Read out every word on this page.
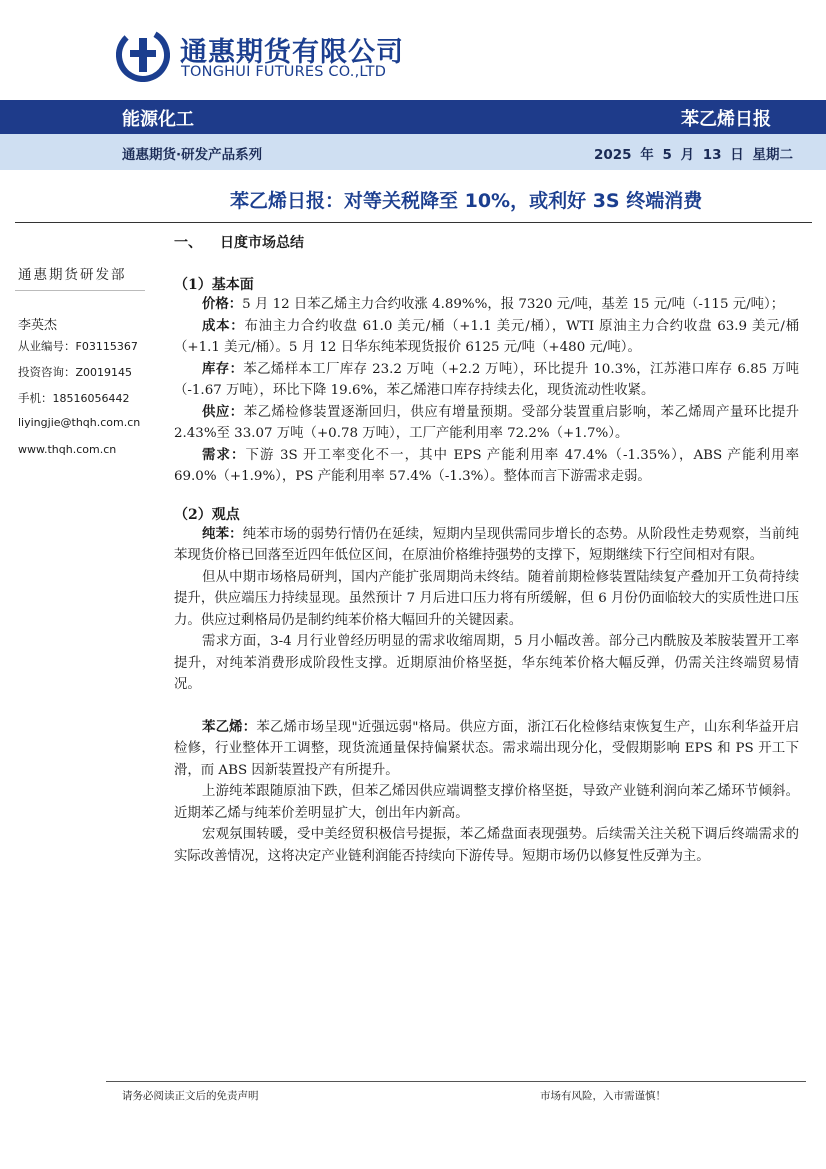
通惠期货有限公司
TONGHUI FUTURES CO.,LTD
能源化工	苯乙烯日报
通惠期货·研发产品系列	2025 年 5 月 13 日 星期二
苯乙烯日报：对等关税降至 10%，或利好 3S 终端消费
通惠期货研发部
李英杰
从业编号：F03115367
投资咨询：Z0019145
手机：18516056442
liyingjie@thqh.com.cn
www.thqh.com.cn
一、 日度市场总结
（1）基本面

价格：5 月 12 日苯乙烯主力合约收涨 4.89%%，报 7320 元/吨，基差 15 元/吨（-115 元/吨）；

成本：布油主力合约收盘 61.0 美元/桶（+1.1 美元/桶），WTI 原油主力合约收盘 63.9 美元/桶（+1.1 美元/桶）。5 月 12 日华东纯苯现货报价 6125 元/吨（+480 元/吨）。

库存：苯乙烯样本工厂库存 23.2 万吨（+2.2 万吨），环比提升 10.3%，江苏港口库存 6.85 万吨（-1.67 万吨），环比下降 19.6%，苯乙烯港口库存持续去化，现货流动性收紧。

供应：苯乙烯检修装置逐渐回归，供应有增量预期。受部分装置重启影响，苯乙烯周产量环比提升 2.43%至 33.07 万吨（+0.78 万吨），工厂产能利用率 72.2%（+1.7%）。

需求：下游 3S 开工率变化不一，其中 EPS 产能利用率 47.4%（-1.35%），ABS 产能利用率 69.0%（+1.9%），PS 产能利用率 57.4%（-1.3%）。整体而言下游需求走弱。

（2）观点

纯苯：纯苯市场的弱势行情仍在延续，短期内呈现供需同步增长的态势。从阶段性走势观察，当前纯苯现货价格已回落至近四年低位区间，在原油价格维持强势的支撑下，短期继续下行空间相对有限。

但从中期市场格局研判，国内产能扩张周期尚未终结。随着前期检修装置陆续复产叠加开工负荷持续提升，供应端压力持续显现。虽然预计 7 月后进口压力将有所缓解，但 6 月份仍面临较大的实质性进口压力。供应过剩格局仍是制约纯苯价格大幅回升的关键因素。

需求方面，3-4 月行业曾经历明显的需求收缩周期，5 月小幅改善。部分己内酰胺及苯胺装置开工率提升，对纯苯消费形成阶段性支撑。近期原油价格坚挺，华东纯苯价格大幅反弹，仍需关注终端贸易情况。

苯乙烯：苯乙烯市场呈现"近强远弱"格局。供应方面，浙江石化检修结束恢复生产，山东利华益开启检修，行业整体开工调整，现货流通量保持偏紧状态。需求端出现分化，受假期影响 EPS 和 PS 开工下滑，而 ABS 因新装置投产有所提升。

上游纯苯跟随原油下跌，但苯乙烯因供应端调整支撑价格坚挺，导致产业链利润向苯乙烯环节倾斜。近期苯乙烯与纯苯价差明显扩大，创出年内新高。

宏观氛围转暖，受中美经贸积极信号提振，苯乙烯盘面表现强势。后续需关注关税下调后终端需求的实际改善情况，这将决定产业链利润能否持续向下游传导。短期市场仍以修复性反弹为主。

请务必阅读正文后的免责声明	市场有风险，入市需谨慎！
